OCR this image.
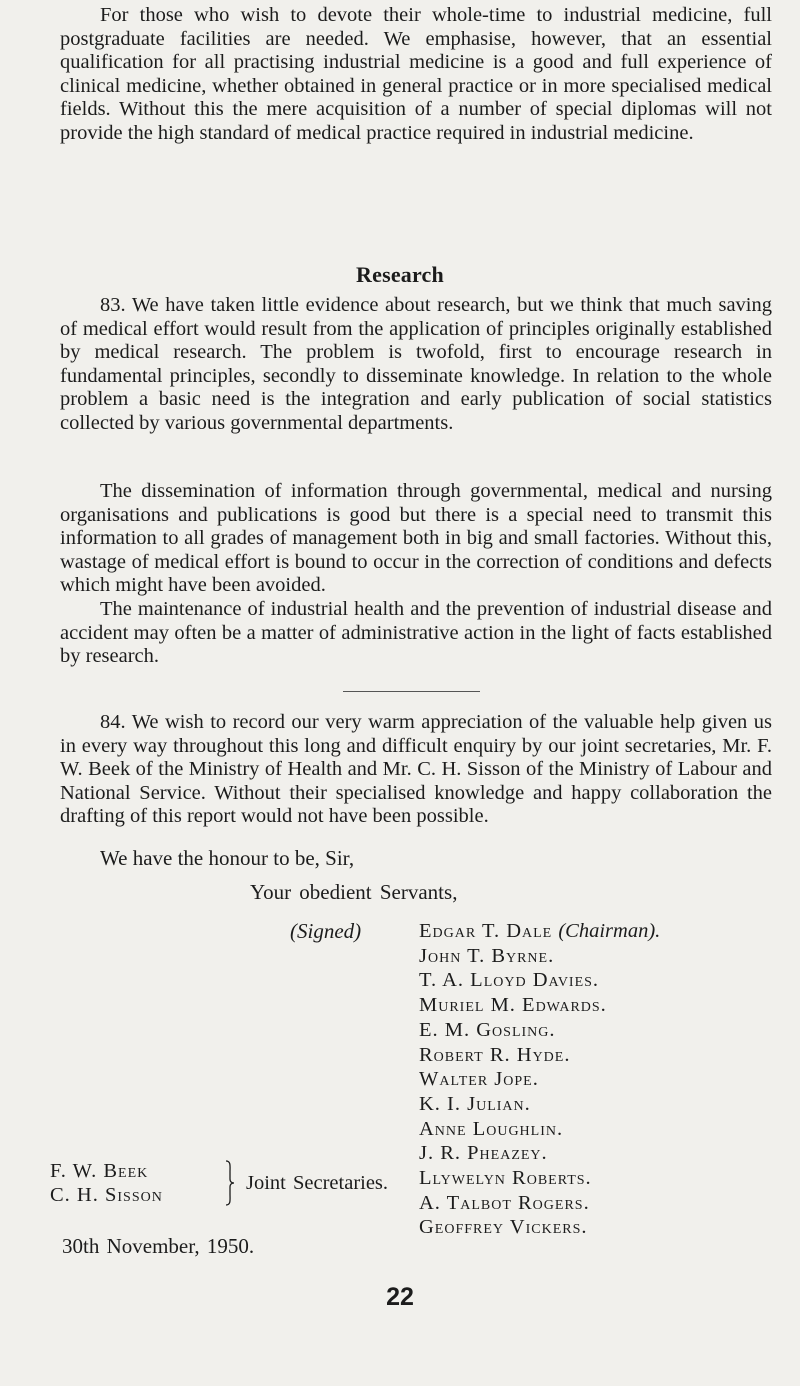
For those who wish to devote their whole-time to industrial medicine, full postgraduate facilities are needed. We emphasise, however, that an essential qualification for all practising industrial medicine is a good and full experience of clinical medicine, whether obtained in general practice or in more specialised medical fields. Without this the mere acquisition of a number of special diplomas will not provide the high standard of medical practice required in industrial medicine.

Research

83. We have taken little evidence about research, but we think that much saving of medical effort would result from the application of principles originally established by medical research. The problem is twofold, first to encourage research in fundamental principles, secondly to disseminate knowledge. In relation to the whole problem a basic need is the integration and early publication of social statistics collected by various governmental departments.

The dissemination of information through governmental, medical and nursing organisations and publications is good but there is a special need to transmit this information to all grades of management both in big and small factories. Without this, wastage of medical effort is bound to occur in the correction of conditions and defects which might have been avoided.

The maintenance of industrial health and the prevention of industrial disease and accident may often be a matter of administrative action in the light of facts established by research.

84. We wish to record our very warm appreciation of the valuable help given us in every way throughout this long and difficult enquiry by our joint secretaries, Mr. F. W. Beek of the Ministry of Health and Mr. C. H. Sisson of the Ministry of Labour and National Service. Without their specialised knowledge and happy collaboration the drafting of this report would not have been possible.

We have the honour to be, Sir,

Your obedient Servants,

(Signed)	Edgar T. Dale (Chairman).
John T. Byrne.
T. A. Lloyd Davies.
Muriel M. Edwards.
E. M. Gosling.
Robert R. Hyde.
Walter Jope.
K. I. Julian.
Anne Loughlin.
J. R. Pheazey.
Llywelyn Roberts.
A. Talbot Rogers.
Geoffrey Vickers.
F. W. Beek
C. H. Sisson

Joint Secretaries.

30th November, 1950.

22
